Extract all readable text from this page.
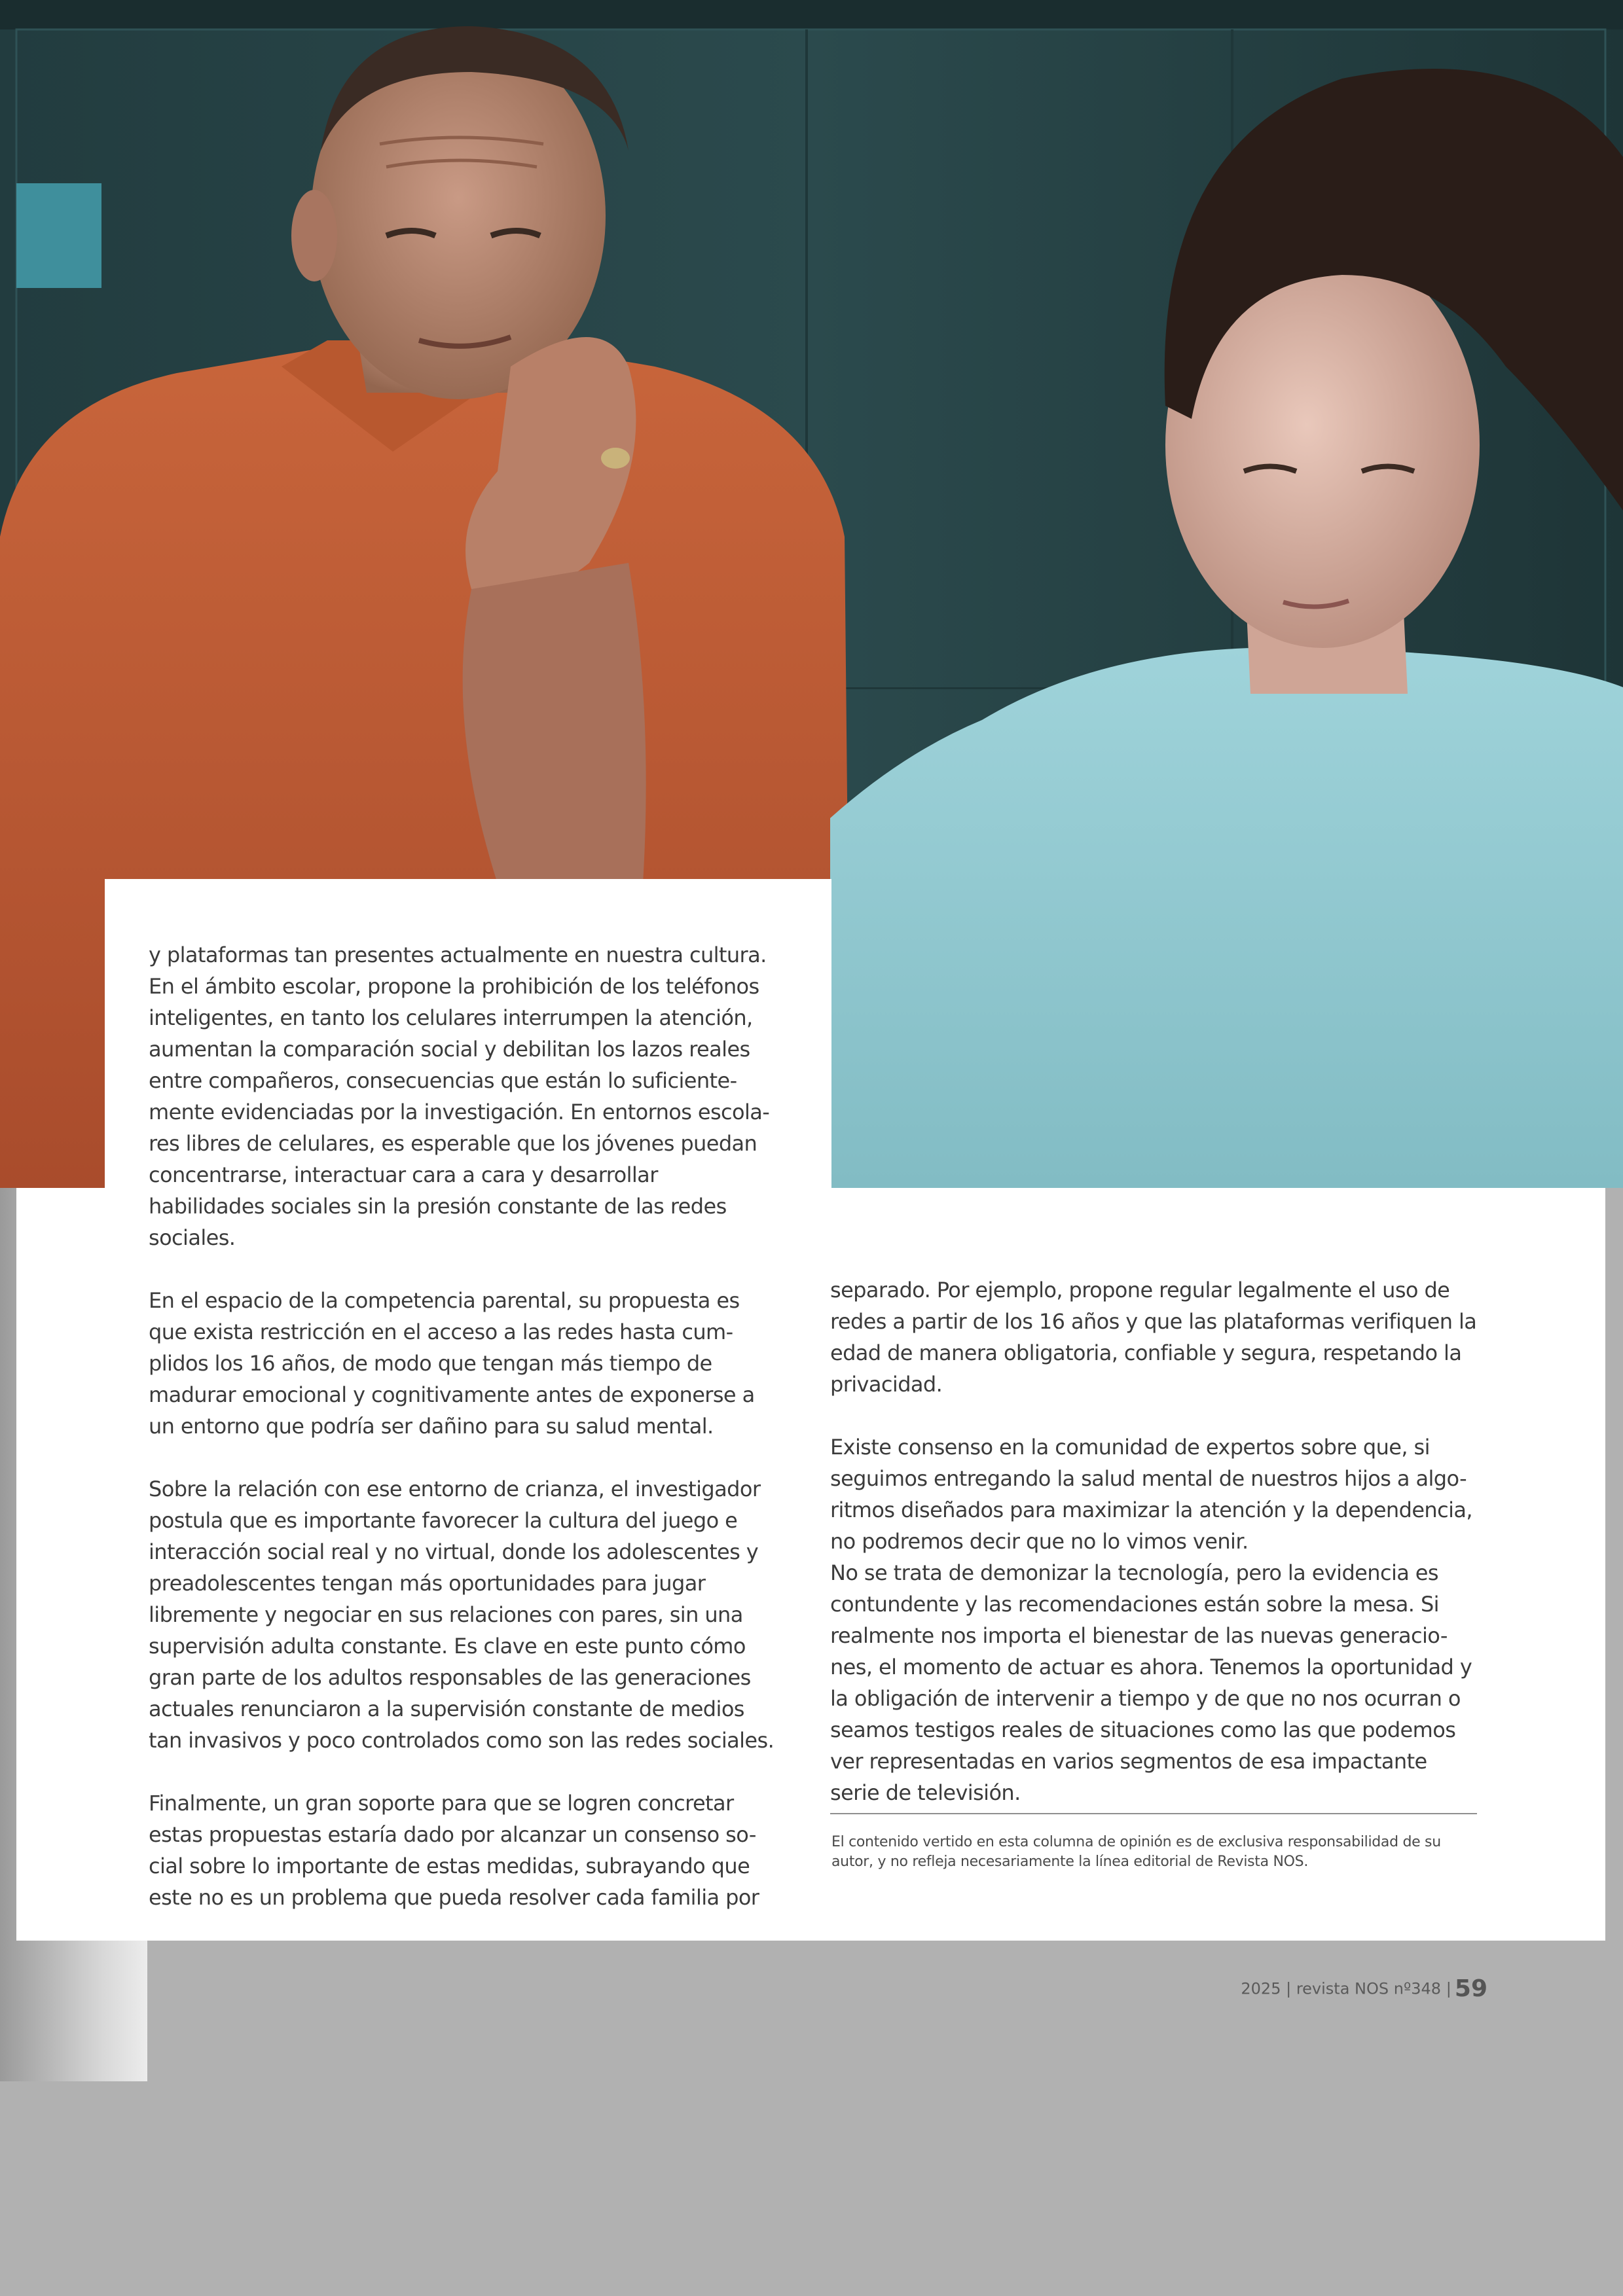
y plataformas tan presentes actualmente en nuestra cultura. En el ámbito escolar, propone la prohibición de los teléfonos inteligentes, en tanto los celulares interrumpen la atención, aumentan la comparación social y debilitan los lazos reales entre compañeros, consecuencias que están lo suficiente-mente evidenciadas por la investigación. En entornos escola-res libres de celulares, es esperable que los jóvenes puedan concentrarse, interactuar cara a cara y desarrollar habilidades sociales sin la presión constante de las redes sociales.

En el espacio de la competencia parental, su propuesta es que exista restricción en el acceso a las redes hasta cum-plidos los 16 años, de modo que tengan más tiempo de madurar emocional y cognitivamente antes de exponerse a un entorno que podría ser dañino para su salud mental.

Sobre la relación con ese entorno de crianza, el investigador postula que es importante favorecer la cultura del juego e interacción social real y no virtual, donde los adolescentes y preadolescentes tengan más oportunidades para jugar libremente y negociar en sus relaciones con pares, sin una supervisión adulta constante. Es clave en este punto cómo gran parte de los adultos responsables de las generaciones actuales renunciaron a la supervisión constante de medios tan invasivos y poco controlados como son las redes sociales.

Finalmente, un gran soporte para que se logren concretar estas propuestas estaría dado por alcanzar un consenso so-cial sobre lo importante de estas medidas, subrayando que este no es un problema que pueda resolver cada familia por

separado. Por ejemplo, propone regular legalmente el uso de redes a partir de los 16 años y que las plataformas verifiquen la edad de manera obligatoria, confiable y segura, respetando la privacidad.

Existe consenso en la comunidad de expertos sobre que, si seguimos entregando la salud mental de nuestros hijos a algo-ritmos diseñados para maximizar la atención y la dependencia, no podremos decir que no lo vimos venir.

No se trata de demonizar la tecnología, pero la evidencia es contundente y las recomendaciones están sobre la mesa. Si realmente nos importa el bienestar de las nuevas generacio-nes, el momento de actuar es ahora. Tenemos la oportunidad y la obligación de intervenir a tiempo y de que no nos ocurran o seamos testigos reales de situaciones como las que podemos ver representadas en varios segmentos de esa impactante serie de televisión.

El contenido vertido en esta columna de opinión es de exclusiva responsabilidad de su autor, y no refleja necesariamente la línea editorial de Revista NOS.
2025 | revista NOS nº348 | 59
